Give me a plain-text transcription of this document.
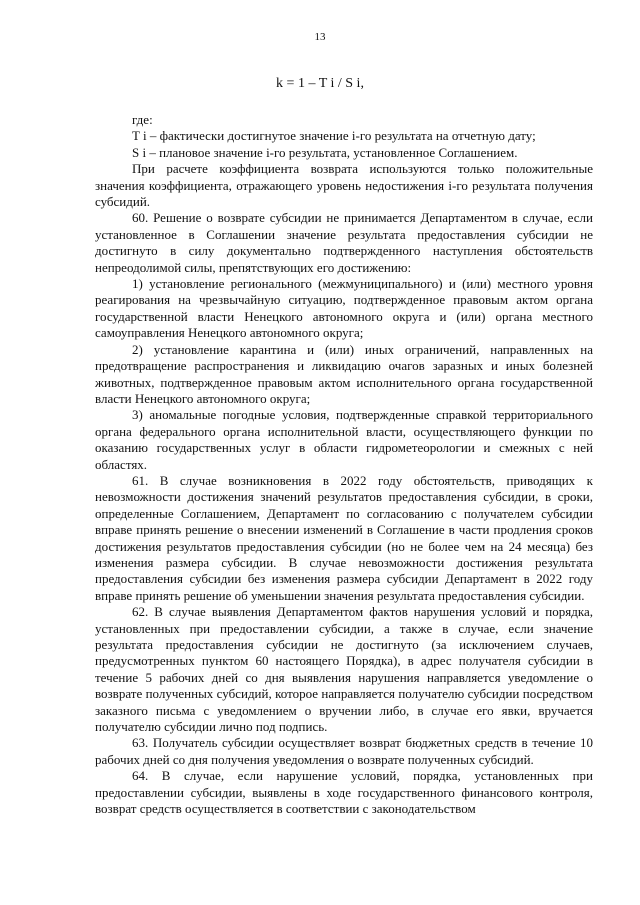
13
k = 1 – T i / S i,

где:

T i – фактически достигнутое значение i-го результата на отчетную дату;

S i – плановое значение i-го результата, установленное Соглашением.

При расчете коэффициента возврата используются только положительные значения коэффициента, отражающего уровень недостижения i-го результата получения субсидий.

60. Решение о возврате субсидии не принимается Департаментом в случае, если установленное в Соглашении значение результата предоставления субсидии не достигнуто в силу документально подтвержденного наступления обстоятельств непреодолимой силы, препятствующих его достижению:

1) установление регионального (межмуниципального) и (или) местного уровня реагирования на чрезвычайную ситуацию, подтвержденное правовым актом органа государственной власти Ненецкого автономного округа и (или) органа местного самоуправления Ненецкого автономного округа;

2) установление карантина и (или) иных ограничений, направленных на предотвращение распространения и ликвидацию очагов заразных и иных болезней животных, подтвержденное правовым актом исполнительного органа государственной власти Ненецкого автономного округа;

3) аномальные погодные условия, подтвержденные справкой территориального органа федерального органа исполнительной власти, осуществляющего функции по оказанию государственных услуг в области гидрометеорологии и смежных с ней областях.

61. В случае возникновения в 2022 году обстоятельств, приводящих к невозможности достижения значений результатов предоставления субсидии, в сроки, определенные Соглашением, Департамент по согласованию с получателем субсидии вправе принять решение о внесении изменений в Соглашение в части продления сроков достижения результатов предоставления субсидии (но не более чем на 24 месяца) без изменения размера субсидии. В случае невозможности достижения результата предоставления субсидии без изменения размера субсидии Департамент в 2022 году вправе принять решение об уменьшении значения результата предоставления субсидии.

62. В случае выявления Департаментом фактов нарушения условий и порядка, установленных при предоставлении субсидии, а также в случае, если значение результата предоставления субсидии не достигнуто (за исключением случаев, предусмотренных пунктом 60 настоящего Порядка), в адрес получателя субсидии в течение 5 рабочих дней со дня выявления нарушения направляется уведомление о возврате полученных субсидий, которое направляется получателю субсидии посредством заказного письма с уведомлением о вручении либо, в случае его явки, вручается получателю субсидии лично под подпись.

63. Получатель субсидии осуществляет возврат бюджетных средств в течение 10 рабочих дней со дня получения уведомления о возврате полученных субсидий.

64. В случае, если нарушение условий, порядка, установленных при предоставлении субсидии, выявлены в ходе государственного финансового контроля, возврат средств осуществляется в соответствии с законодательством
